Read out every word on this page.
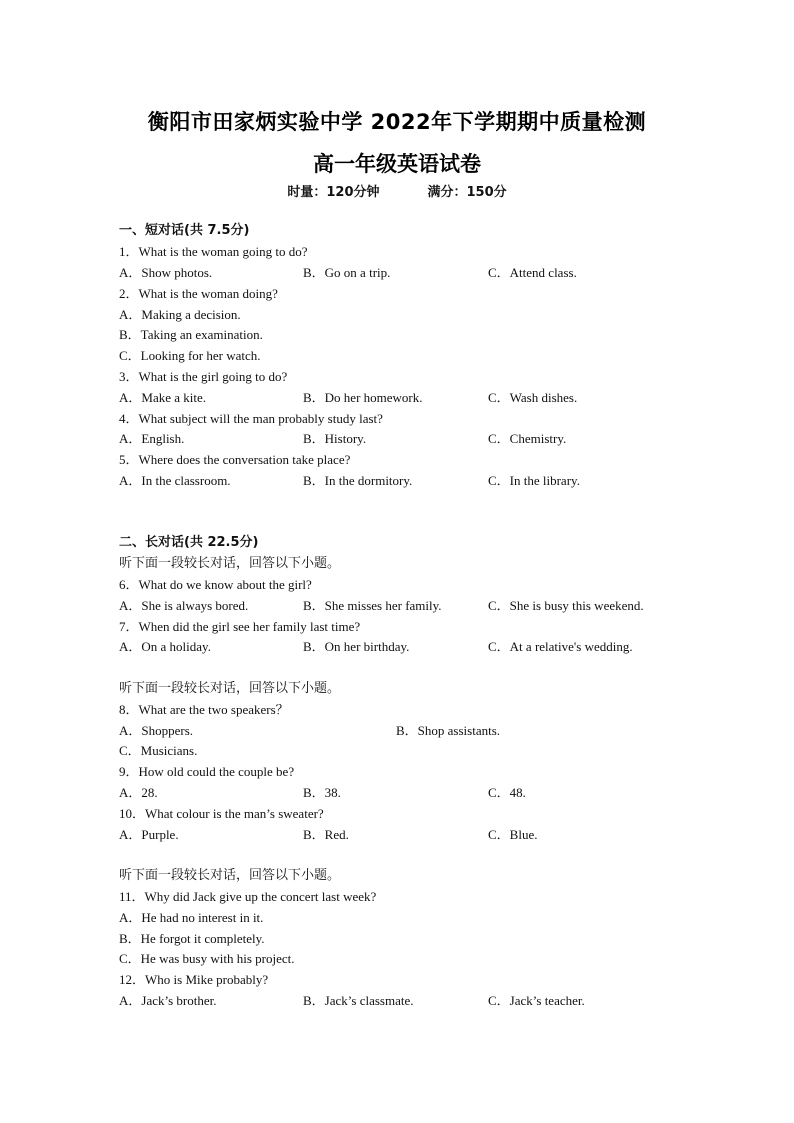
衡阳市田家炳实验中学 2022年下学期期中质量检测
高一年级英语试卷
时量：120分钟	满分：150分
一、短对话(共 7.5分)
1．What is the woman going to do?
A．Show photos.	B．Go on a trip.	C．Attend class.
2．What is the woman doing?
A．Making a decision.
B．Taking an examination.
C．Looking for her watch.
3．What is the girl going to do?
A．Make a kite.	B．Do her homework.	C．Wash dishes.
4．What subject will the man probably study last?
A．English.	B．History.	C．Chemistry.
5．Where does the conversation take place?
A．In the classroom.	B．In the dormitory.	C．In the library.
二、长对话(共 22.5分)
听下面一段较长对话，回答以下小题。
6．What do we know about the girl?
A．She is always bored.	B．She misses her family.	C．She is busy this weekend.
7．When did the girl see her family last time?
A．On a holiday.	B．On her birthday.	C．At a relative's wedding.
听下面一段较长对话，回答以下小题。
8．What are the two speakers？
A．Shoppers.	B．Shop assistants.
C．Musicians.
9．How old could the couple be?
A．28.	B．38.	C．48.
10．What colour is the man’s sweater?
A．Purple.	B．Red.	C．Blue.
听下面一段较长对话，回答以下小题。
11．Why did Jack give up the concert last week?
A．He had no interest in it.
B．He forgot it completely.
C．He was busy with his project.
12．Who is Mike probably?
A．Jack’s brother.	B．Jack’s classmate.	C．Jack’s teacher.
